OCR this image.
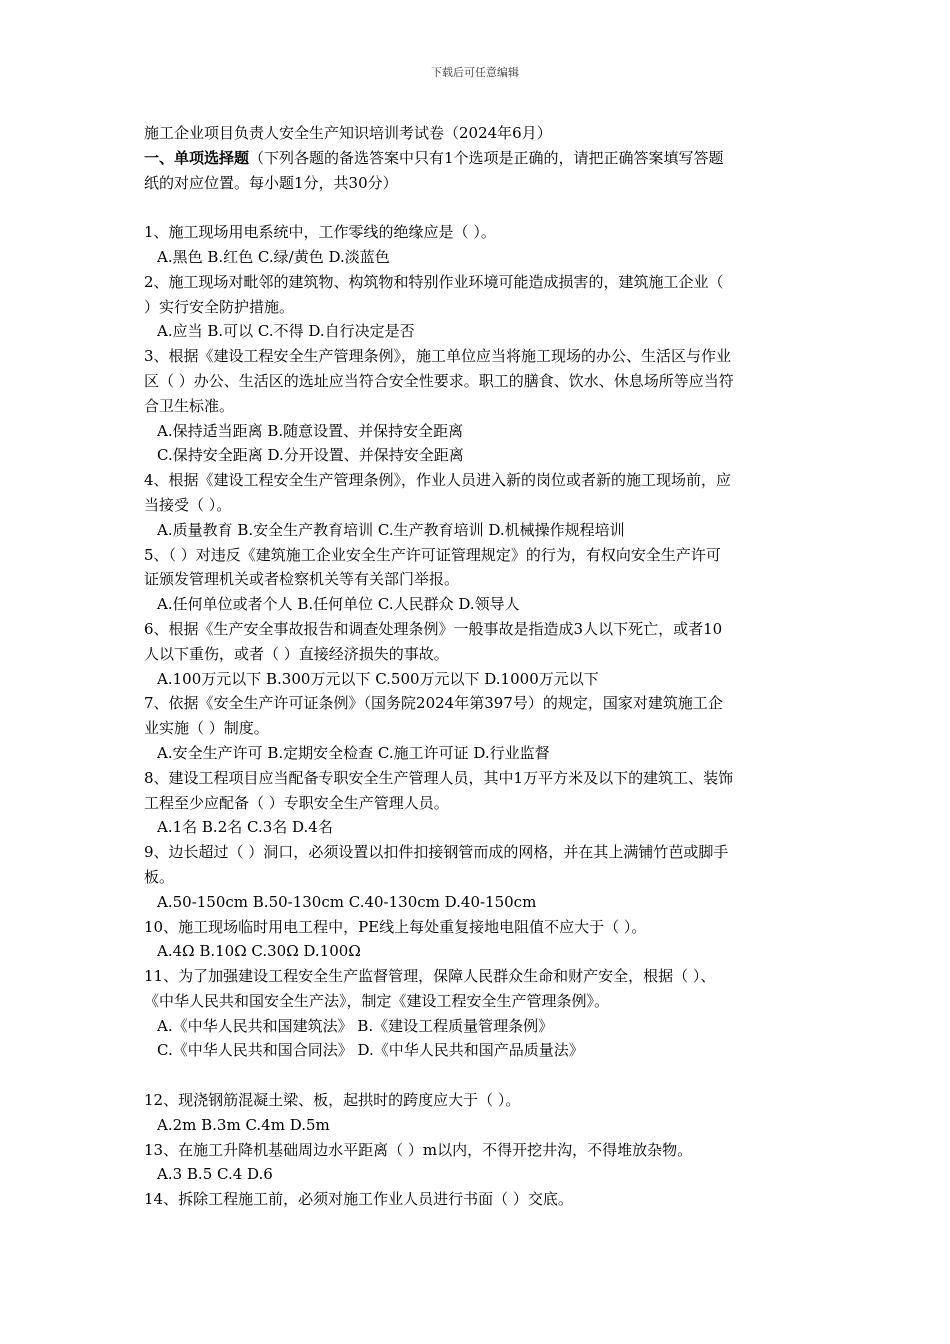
下载后可任意编辑
施工企业项目负责人安全生产知识培训考试卷（2024年6月）
一、单项选择题（下列各题的备选答案中只有1个选项是正确的，请把正确答案填写答题
纸的对应位置。每小题1分，共30分）
1、施工现场用电系统中，工作零线的绝缘应是（ ）。
A.黑色 B.红色 C.绿/黄色 D.淡蓝色
2、施工现场对毗邻的建筑物、构筑物和特别作业环境可能造成损害的，建筑施工企业（
）实行安全防护措施。
A.应当 B.可以 C.不得 D.自行决定是否
3、根据《建设工程安全生产管理条例》，施工单位应当将施工现场的办公、生活区与作业
区（ ）办公、生活区的选址应当符合安全性要求。职工的膳食、饮水、休息场所等应当符
合卫生标准。
A.保持适当距离 B.随意设置、并保持安全距离
C.保持安全距离 D.分开设置、并保持安全距离
4、根据《建设工程安全生产管理条例》，作业人员进入新的岗位或者新的施工现场前，应
当接受（ ）。
A.质量教育 B.安全生产教育培训 C.生产教育培训 D.机械操作规程培训
5、（ ）对违反《建筑施工企业安全生产许可证管理规定》的行为，有权向安全生产许可
证颁发管理机关或者检察机关等有关部门举报。
A.任何单位或者个人 B.任何单位 C.人民群众 D.领导人
6、根据《生产安全事故报告和调查处理条例》一般事故是指造成3人以下死亡，或者10
人以下重伤，或者（ ）直接经济损失的事故。
A.100万元以下 B.300万元以下 C.500万元以下 D.1000万元以下
7、依据《安全生产许可证条例》（国务院2024年第397号）的规定，国家对建筑施工企
业实施（ ）制度。
A.安全生产许可 B.定期安全检查 C.施工许可证 D.行业监督
8、建设工程项目应当配备专职安全生产管理人员，其中1万平方米及以下的建筑工、装饰
工程至少应配备（ ）专职安全生产管理人员。
A.1名 B.2名 C.3名 D.4名
9、边长超过（ ）洞口，必须设置以扣件扣接钢管而成的网格，并在其上满铺竹芭或脚手
板。
A.50-150cm B.50-130cm C.40-130cm D.40-150cm
10、施工现场临时用电工程中，PE线上每处重复接地电阻值不应大于（ ）。
A.4Ω B.10Ω C.30Ω D.100Ω
11、为了加强建设工程安全生产监督管理，保障人民群众生命和财产安全，根据（ ）、
《中华人民共和国安全生产法》，制定《建设工程安全生产管理条例》。
A.《中华人民共和国建筑法》 B.《建设工程质量管理条例》
C.《中华人民共和国合同法》 D.《中华人民共和国产品质量法》
12、现浇钢筋混凝土梁、板，起拱时的跨度应大于（ ）。
A.2m B.3m C.4m D.5m
13、在施工升降机基础周边水平距离（ ）m以内，不得开挖井沟，不得堆放杂物。
A.3 B.5 C.4 D.6
14、拆除工程施工前，必须对施工作业人员进行书面（ ）交底。
